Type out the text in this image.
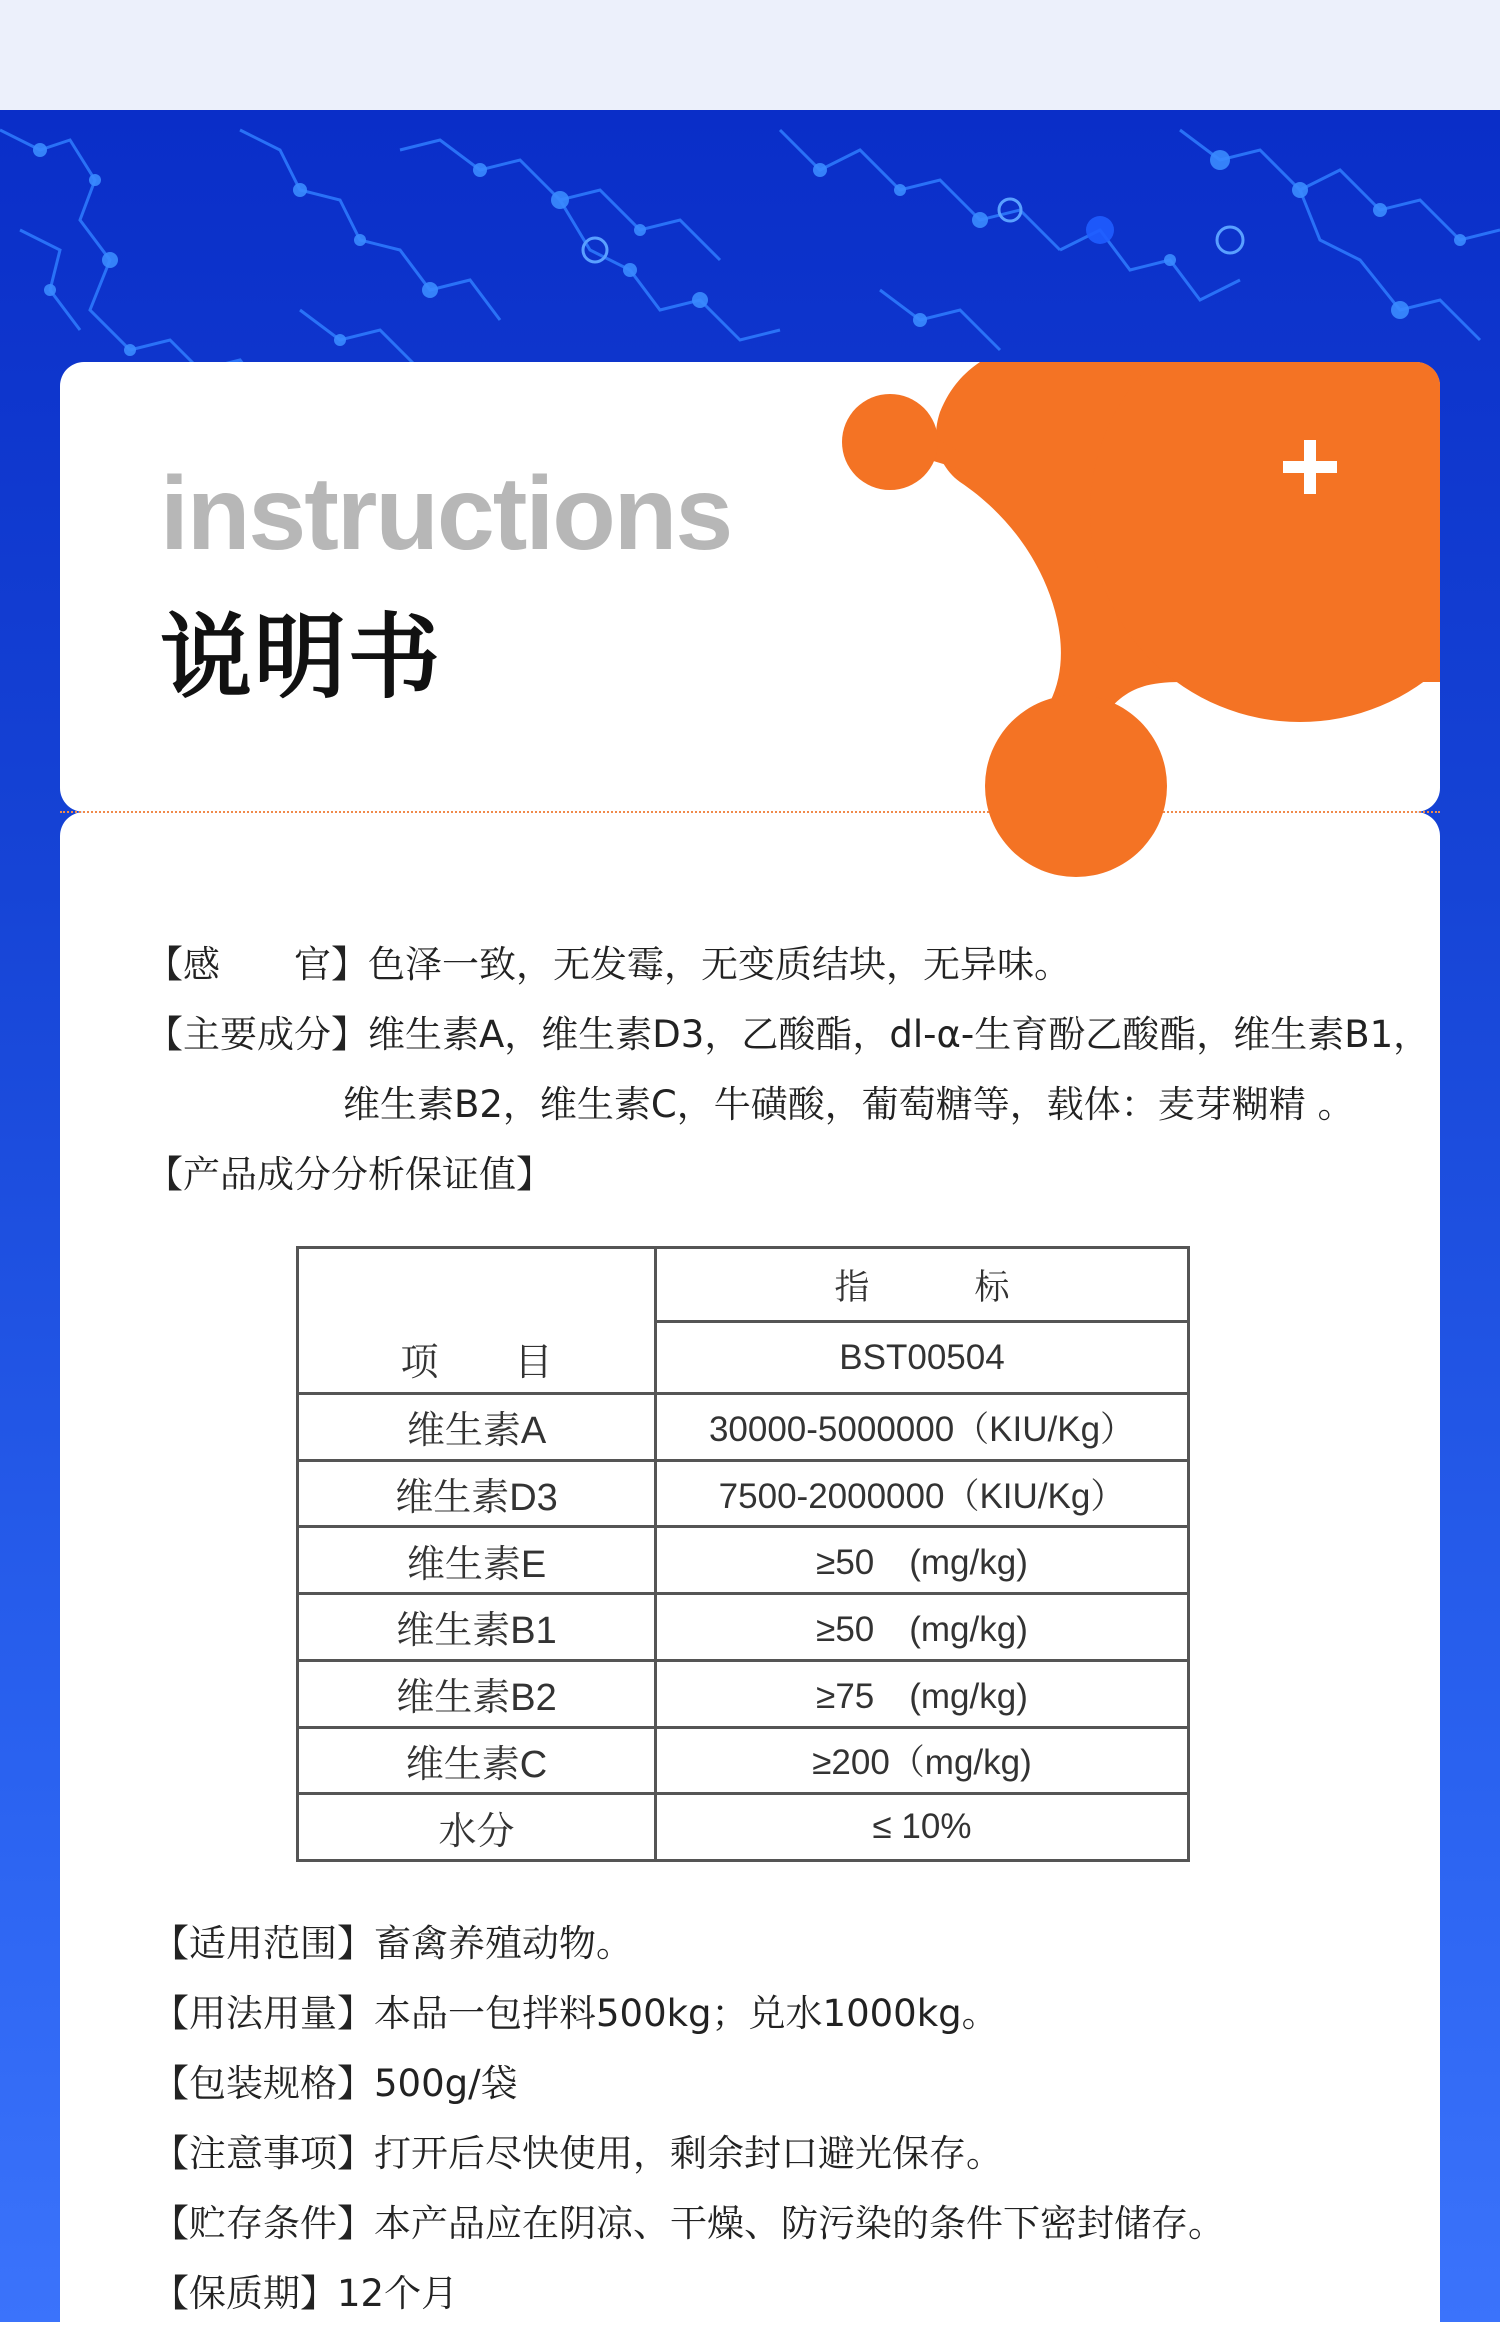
instructions
说明书
【感　　官】色泽一致，无发霉，无变质结块，无异味。
【主要成分】维生素A，维生素D3，乙酸酯，dl-α-生育酚乙酸酯，维生素B1，
维生素B2，维生素C，牛磺酸，葡萄糖等，载体：麦芽糊精 。
【产品成分分析保证值】
项　　目	指　　　标
	BST00504
维生素A	30000-5000000（KIU/Kg）
维生素D3	7500-2000000（KIU/Kg）
维生素E	≥50　(mg/kg)
维生素B1	≥50　(mg/kg)
维生素B2	≥75　(mg/kg)
维生素C	≥200（mg/kg)
水分	≤ 10%
【适用范围】畜禽养殖动物。
【用法用量】本品一包拌料500kg；兑水1000kg。
【包装规格】500g/袋
【注意事项】打开后尽快使用，剩余封口避光保存。
【贮存条件】本产品应在阴凉、干燥、防污染的条件下密封储存。
【保质期】12个月
